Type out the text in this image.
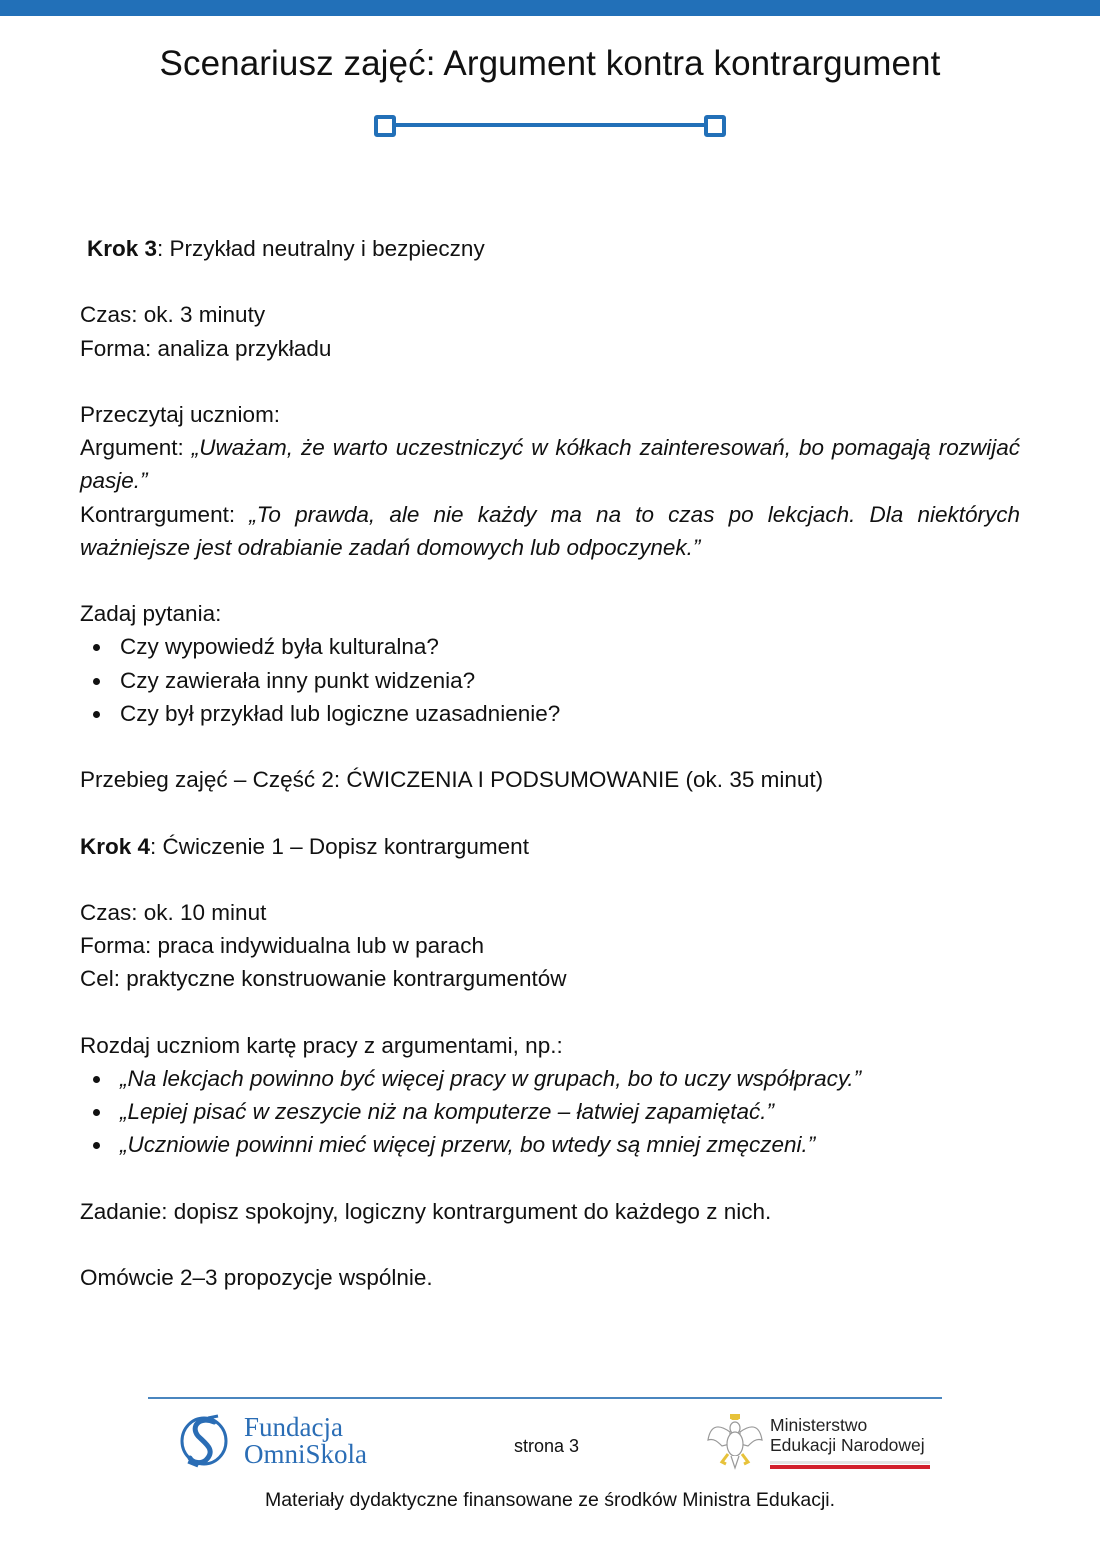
Scenariusz zajęć: Argument kontra kontrargument

Krok 3: Przykład neutralny i bezpieczny

Czas: ok. 3 minuty

Forma: analiza przykładu

Przeczytaj uczniom:

Argument: „Uważam, że warto uczestniczyć w kółkach zainteresowań, bo pomagają rozwijać pasje.”

Kontrargument: „To prawda, ale nie każdy ma na to czas po lekcjach. Dla niektórych ważniejsze jest odrabianie zadań domowych lub odpoczynek.”

Zadaj pytania:

Czy wypowiedź była kulturalna?
Czy zawierała inny punkt widzenia?
Czy był przykład lub logiczne uzasadnienie?

Przebieg zajęć – Część 2: ĆWICZENIA I PODSUMOWANIE (ok. 35 minut)

Krok 4: Ćwiczenie 1 – Dopisz kontrargument

Czas: ok. 10 minut

Forma: praca indywidualna lub w parach

Cel: praktyczne konstruowanie kontrargumentów

Rozdaj uczniom kartę pracy z argumentami, np.:

„Na lekcjach powinno być więcej pracy w grupach, bo to uczy współpracy.”
„Lepiej pisać w zeszycie niż na komputerze – łatwiej zapamiętać.”
„Uczniowie powinni mieć więcej przerw, bo wtedy są mniej zmęczeni.”

Zadanie: dopisz spokojny, logiczny kontrargument do każdego z nich.

Omówcie 2–3 propozycje wspólnie.

Fundacja
OmniSkola	strona 3
Ministerstwo
Edukacji Narodowej
Materiały dydaktyczne finansowane ze środków Ministra Edukacji.
